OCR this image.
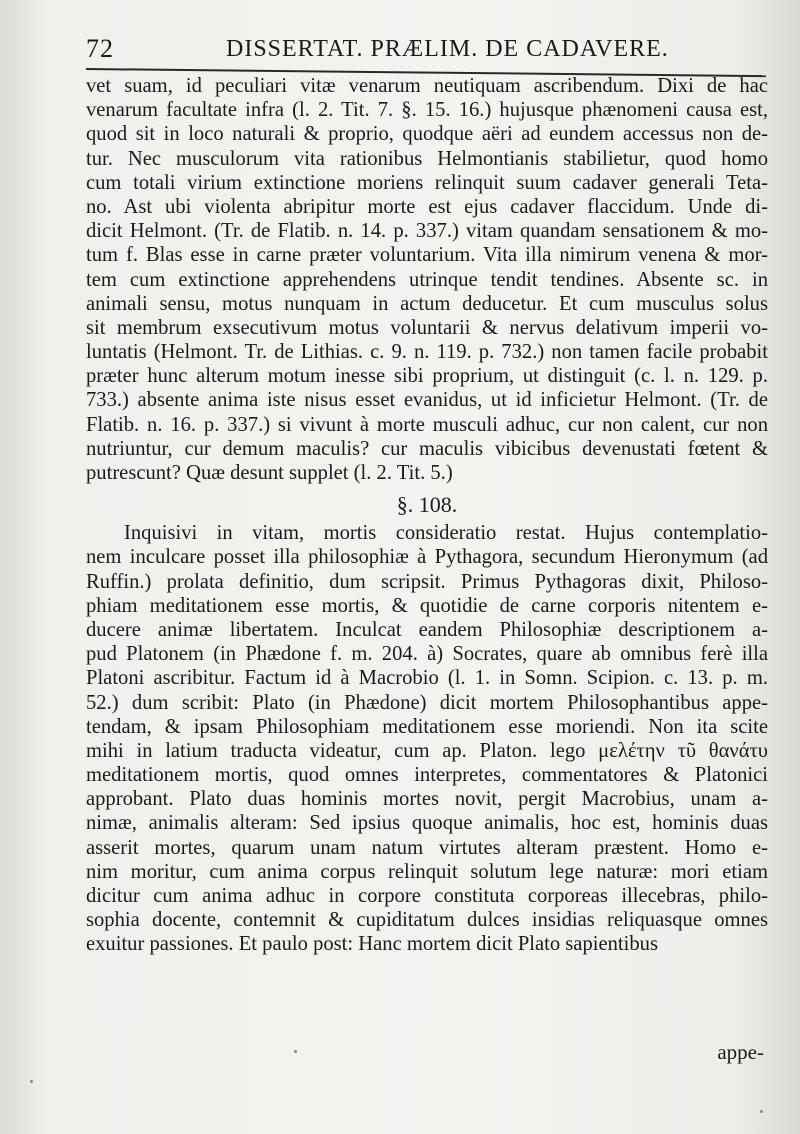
72	DISSERTAT. PRÆLIM. DE CADAVERE.
vet suam, id peculiari vitæ venarum neutiquam ascribendum. Dixi de hac
venarum facultate infra (l. 2. Tit. 7. §. 15. 16.) hujusque phænomeni causa est,
quod sit in loco naturali & proprio, quodque aëri ad eundem accessus non de-
tur. Nec musculorum vita rationibus Helmontianis stabilietur, quod homo
cum totali virium extinctione moriens relinquit suum cadaver generali Teta-
no. Ast ubi violenta abripitur morte est ejus cadaver flaccidum. Unde di-
dicit Helmont. (Tr. de Flatib. n. 14. p. 337.) vitam quandam sensationem & mo-
tum f. Blas esse in carne præter voluntarium. Vita illa nimirum venena & mor-
tem cum extinctione apprehendens utrinque tendit tendines. Absente sc. in
animali sensu, motus nunquam in actum deducetur. Et cum musculus solus
sit membrum exsecutivum motus voluntarii & nervus delativum imperii vo-
luntatis (Helmont. Tr. de Lithias. c. 9. n. 119. p. 732.) non tamen facile probabit
præter hunc alterum motum inesse sibi proprium, ut distinguit (c. l. n. 129. p.
733.) absente anima iste nisus esset evanidus, ut id inficietur Helmont. (Tr. de
Flatib. n. 16. p. 337.) si vivunt à morte musculi adhuc, cur non calent, cur non
nutriuntur, cur demum maculis? cur maculis vibicibus devenustati fœtent &
putrescunt? Quæ desunt supplet (l. 2. Tit. 5.)
§. 108.
Inquisivi in vitam, mortis consideratio restat. Hujus contemplatio-
nem inculcare posset illa philosophiæ à Pythagora, secundum Hieronymum (ad
Ruffin.) prolata definitio, dum scripsit. Primus Pythagoras dixit, Philoso-
phiam meditationem esse mortis, & quotidie de carne corporis nitentem e-
ducere animæ libertatem. Inculcat eandem Philosophiæ descriptionem a-
pud Platonem (in Phædone f. m. 204. à) Socrates, quare ab omnibus ferè illa
Platoni ascribitur. Factum id à Macrobio (l. 1. in Somn. Scipion. c. 13. p. m.
52.) dum scribit: Plato (in Phædone) dicit mortem Philosophantibus appe-
tendam, & ipsam Philosophiam meditationem esse moriendi. Non ita scite
mihi in latium traducta videatur, cum ap. Platon. lego μελέτην τῦ θανάτυ
meditationem mortis, quod omnes interpretes, commentatores & Platonici
approbant. Plato duas hominis mortes novit, pergit Macrobius, unam a-
nimæ, animalis alteram: Sed ipsius quoque animalis, hoc est, hominis duas
asserit mortes, quarum unam natum virtutes alteram præstent. Homo e-
nim moritur, cum anima corpus relinquit solutum lege naturæ: mori etiam
dicitur cum anima adhuc in corpore constituta corporeas illecebras, philo-
sophia docente, contemnit & cupiditatum dulces insidias reliquasque omnes
exuitur passiones. Et paulo post: Hanc mortem dicit Plato sapientibus
appe-
